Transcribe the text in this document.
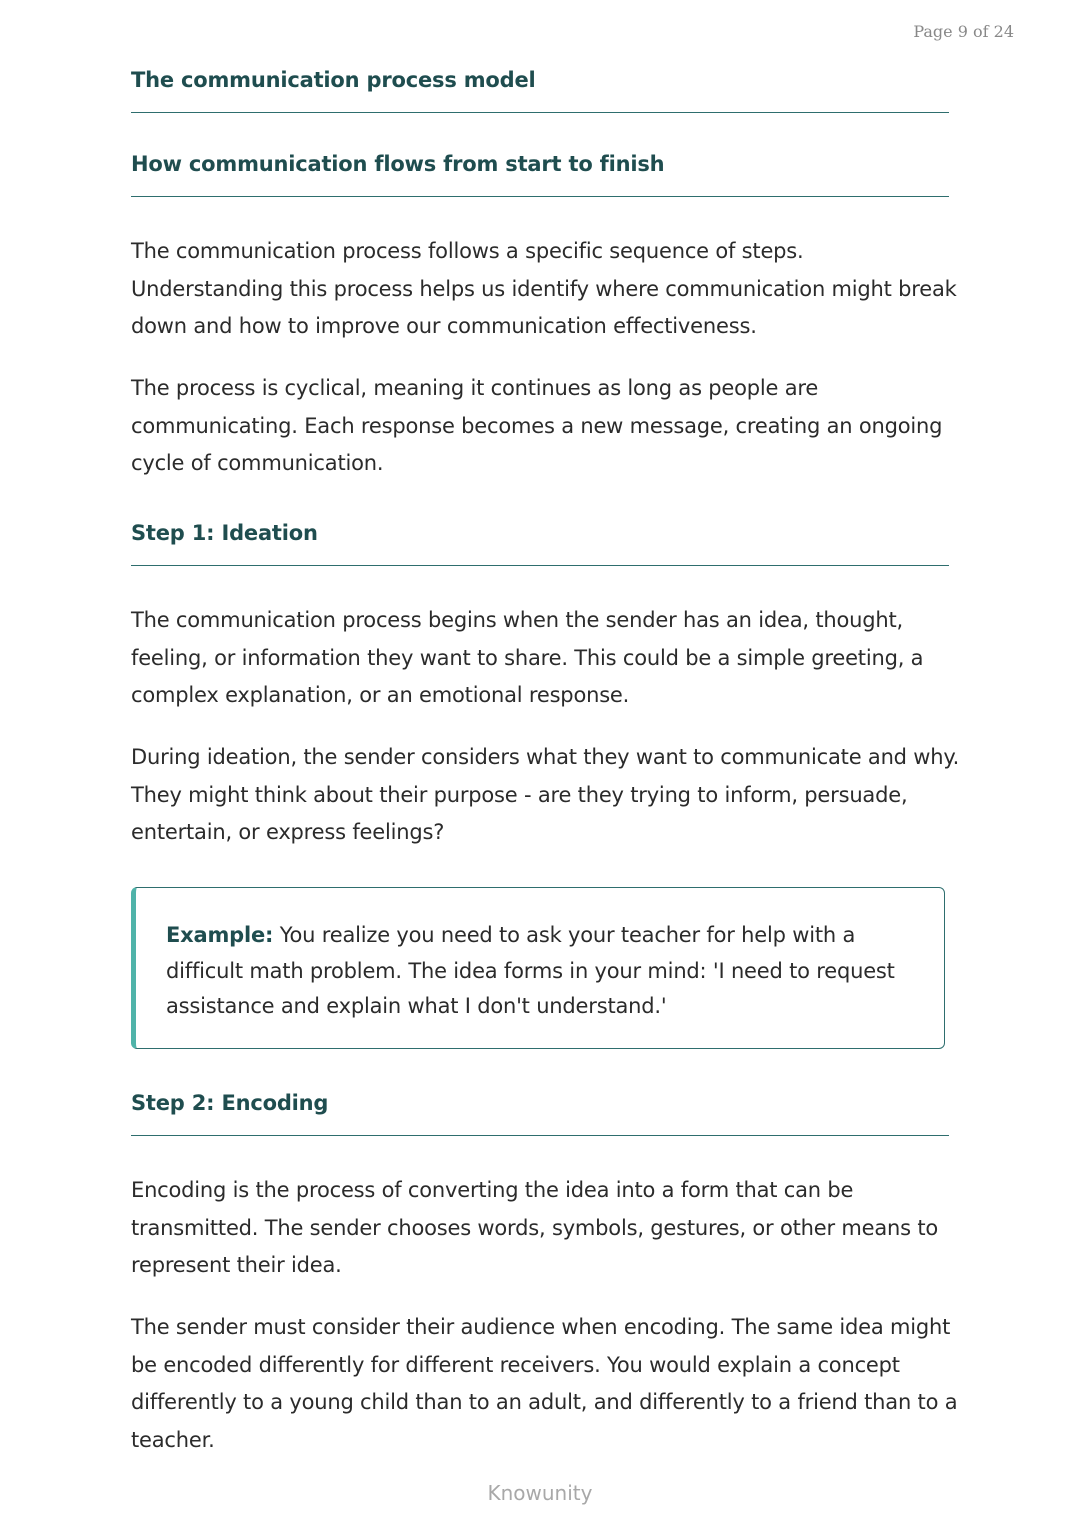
Page 9 of 24
The communication process model
How communication flows from start to finish

The communication process follows a specific sequence of steps. Understanding this process helps us identify where communication might break down and how to improve our communication effectiveness.

The process is cyclical, meaning it continues as long as people are communicating. Each response becomes a new message, creating an ongoing cycle of communication.

Step 1: Ideation

The communication process begins when the sender has an idea, thought, feeling, or information they want to share. This could be a simple greeting, a complex explanation, or an emotional response.

During ideation, the sender considers what they want to communicate and why. They might think about their purpose - are they trying to inform, persuade, entertain, or express feelings?

Example: You realize you need to ask your teacher for help with a difficult math problem. The idea forms in your mind: 'I need to request assistance and explain what I don't understand.'

Step 2: Encoding

Encoding is the process of converting the idea into a form that can be transmitted. The sender chooses words, symbols, gestures, or other means to represent their idea.

The sender must consider their audience when encoding. The same idea might be encoded differently for different receivers. You would explain a concept differently to a young child than to an adult, and differently to a friend than to a teacher.

Knowunity
